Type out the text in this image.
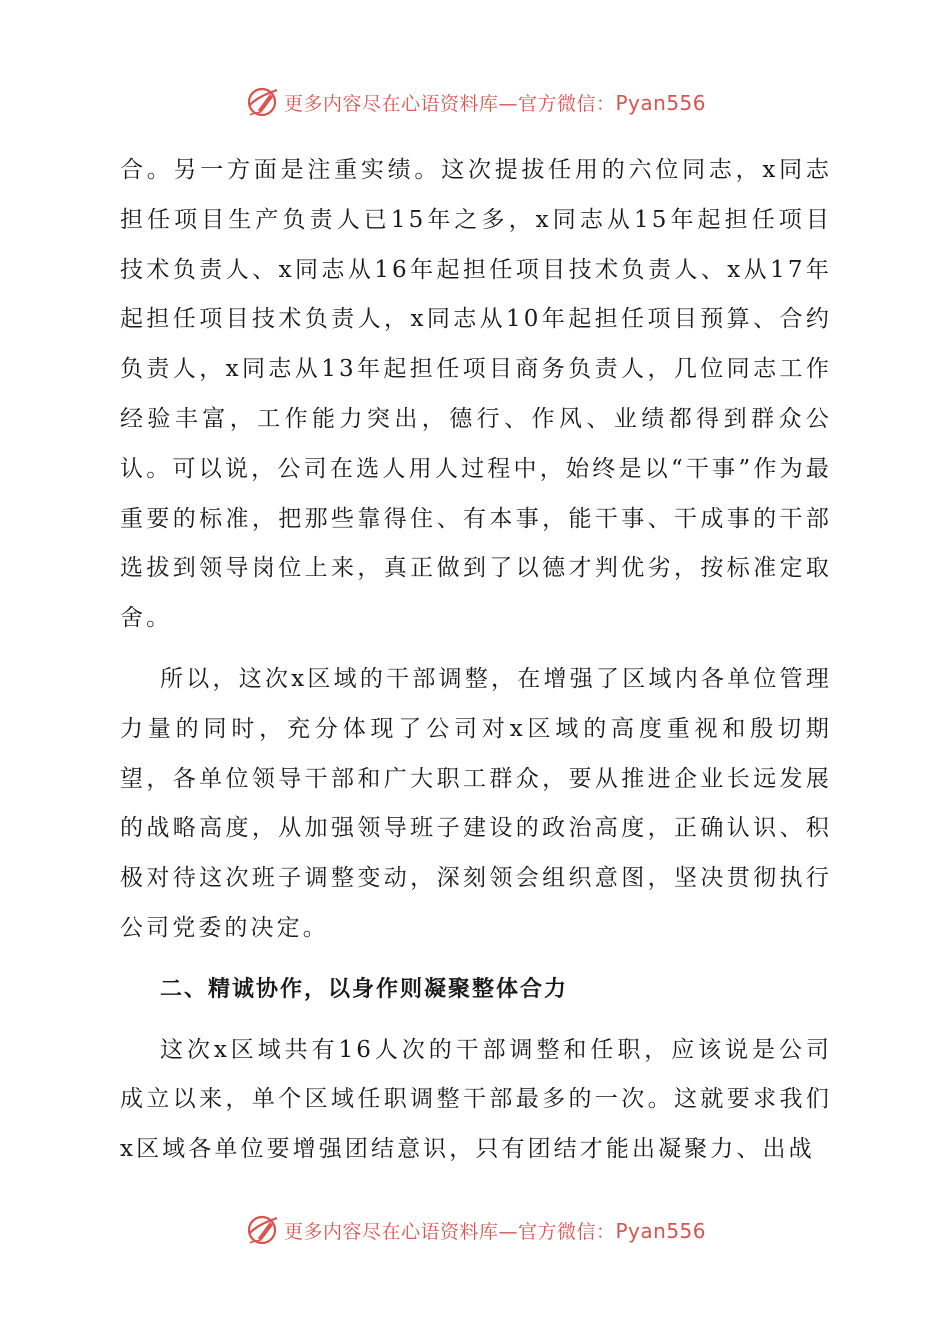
更多内容尽在心语资料库—官方微信：Pyan556

合。另一方面是注重实绩。这次提拔任用的六位同志，x同志担任项目生产负责人已15年之多，x同志从15年起担任项目技术负责人、x同志从16年起担任项目技术负责人、x从17年起担任项目技术负责人，x同志从10年起担任项目预算、合约负责人，x同志从13年起担任项目商务负责人，几位同志工作经验丰富，工作能力突出，德行、作风、业绩都得到群众公认。可以说，公司在选人用人过程中，始终是以“干事”作为最重要的标准，把那些靠得住、有本事，能干事、干成事的干部选拔到领导岗位上来，真正做到了以德才判优劣，按标准定取舍。

所以，这次x区域的干部调整，在增强了区域内各单位管理力量的同时，充分体现了公司对x区域的高度重视和殷切期望，各单位领导干部和广大职工群众，要从推进企业长远发展的战略高度，从加强领导班子建设的政治高度，正确认识、积极对待这次班子调整变动，深刻领会组织意图，坚决贯彻执行公司党委的决定。

二、精诚协作，以身作则凝聚整体合力

这次x区域共有16人次的干部调整和任职，应该说是公司成立以来，单个区域任职调整干部最多的一次。这就要求我们x区域各单位要增强团结意识，只有团结才能出凝聚力、出战

更多内容尽在心语资料库—官方微信：Pyan556
